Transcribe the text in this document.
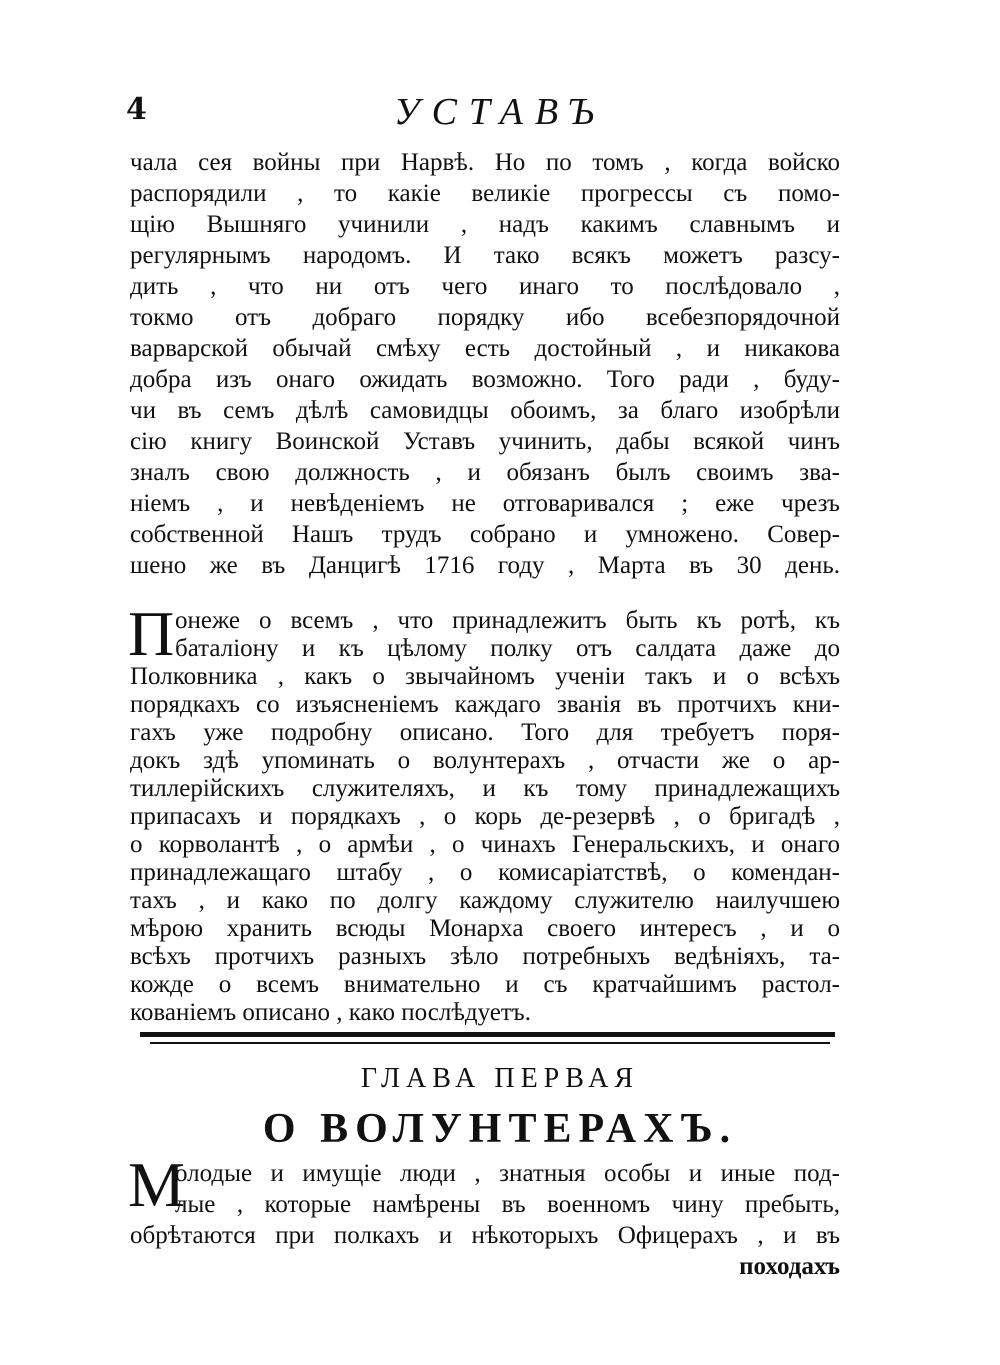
4	УСТАВЪ
чала сея войны при Нарвѣ. Но по томъ , когда войско
распорядили , то какіе великіе прогрессы съ помо-
щію Вышняго учинили , надъ какимъ славнымъ и
регулярнымъ народомъ. И тако всякъ можетъ разсу-
дить , что ни отъ чего инаго то послѣдовало ,
токмо отъ добраго порядку ибо всебезпорядочной
варварской обычай смѣху есть достойный , и никакова
добра изъ онаго ожидать возможно. Того ради , буду-
чи въ семъ дѣлѣ самовидцы обоимъ, за благо изобрѣли
сію книгу Воинской Уставъ учинить, дабы всякой чинъ
зналъ свою должность , и обязанъ былъ своимъ зва-
ніемъ , и невѣденіемъ не отговаривался ; еже чрезъ
собственной Нашъ трудъ собрано и умножено. Совер-
шено же въ Данцигѣ 1716 году , Марта въ 30 день.
П онеже о всемъ , что принадлежитъ быть къ ротѣ, къ
баталіону и къ цѣлому полку отъ салдата даже до
Полковника , какъ о звычайномъ ученіи такъ и о всѣхъ
порядкахъ со изъясненіемъ каждаго званія въ протчихъ кни-
гахъ уже подробну описано. Того для требуетъ поря-
докъ здѣ упоминать о волунтерахъ , отчасти же о ар-
тиллерійскихъ служителяхъ, и къ тому принадлежащихъ
припасахъ и порядкахъ , о корь де-резервѣ , о бригадѣ ,
о корволантѣ , о армѣи , о чинахъ Генеральскихъ, и онаго
принадлежащаго штабу , о комисаріатствѣ, о комендан-
тахъ , и како по долгу каждому служителю наилучшею
мѣрою хранить всюды Монарха своего интересъ , и о
всѣхъ протчихъ разныхъ зѣло потребныхъ ведѣніяхъ, та-
кожде о всемъ внимательно и съ кратчайшимъ растол-
кованіемъ описано , како послѣдуетъ.
ГЛАВА ПЕРВАЯ
О ВОЛУНТЕРАХЪ.
М
олодые и имущіе люди , знатныя особы и иные под-
лые , которые намѣрены въ военномъ чину пребыть,
обрѣтаются при полкахъ и нѣкоторыхъ Офицерахъ , и въ
походахъ
